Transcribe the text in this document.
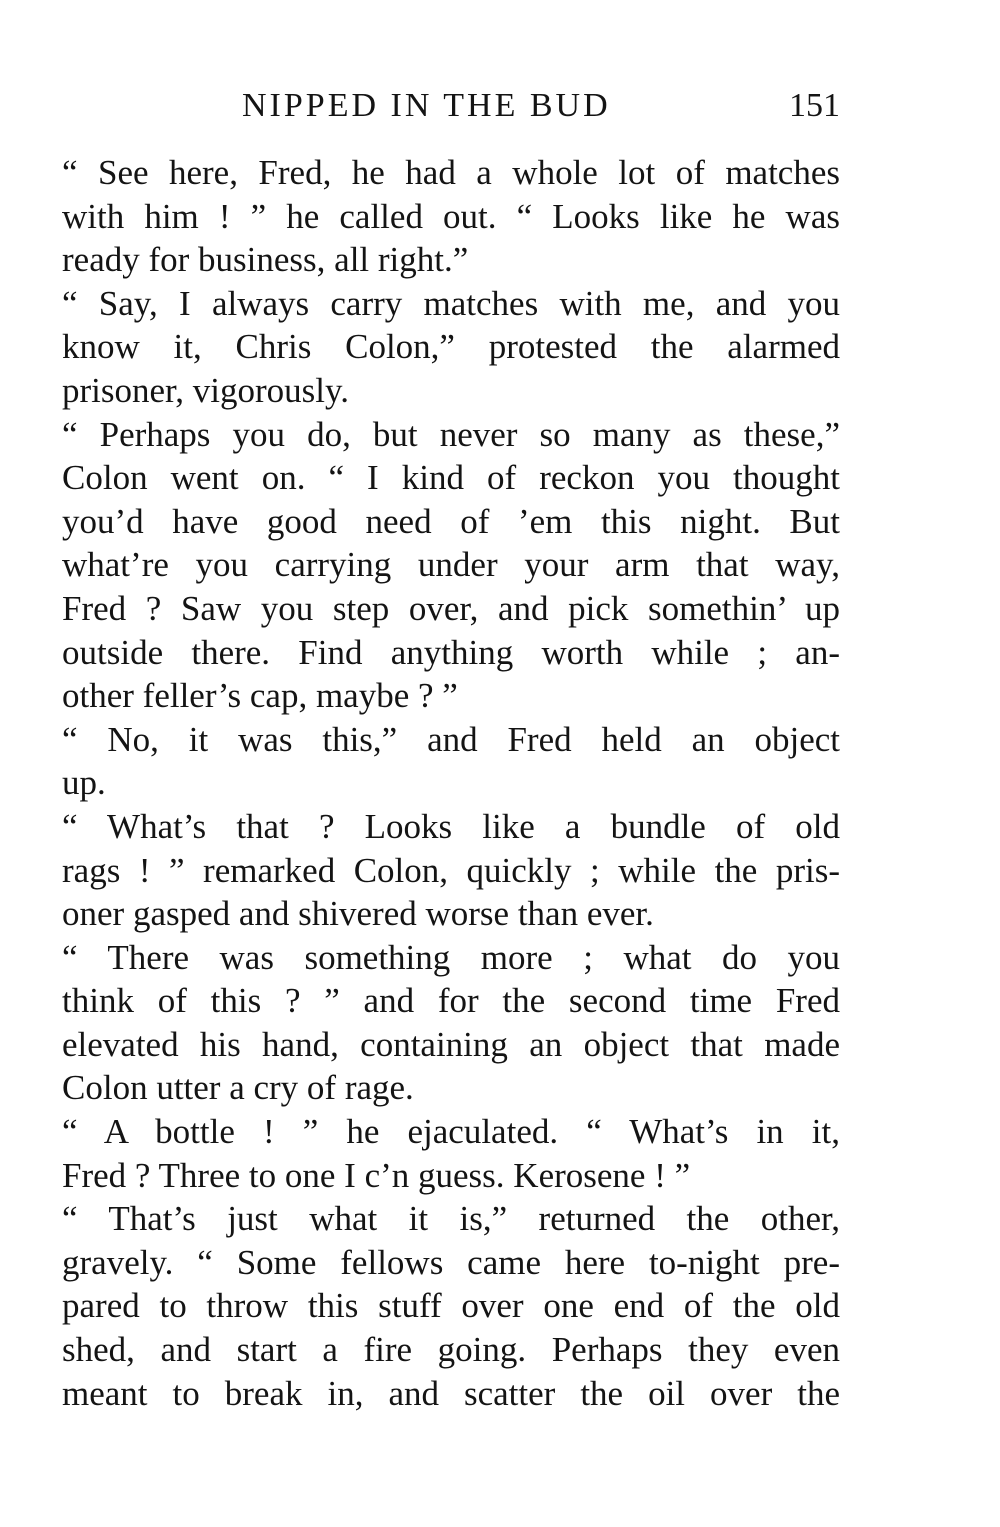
NIPPED IN THE BUD	151
“ See here, Fred, he had a whole lot of matches
with him ! ” he called out. “ Looks like he was
ready for business, all right.”
“ Say, I always carry matches with me, and you
know it, Chris Colon,” protested the alarmed
prisoner, vigorously.
“ Perhaps you do, but never so many as these,”
Colon went on. “ I kind of reckon you thought
you’d have good need of ’em this night. But
what’re you carrying under your arm that way,
Fred ? Saw you step over, and pick somethin’ up
outside there. Find anything worth while ; an-
other feller’s cap, maybe ? ”
“ No, it was this,” and Fred held an object
up.
“ What’s that ? Looks like a bundle of old
rags ! ” remarked Colon, quickly ; while the pris-
oner gasped and shivered worse than ever.
“ There was something more ; what do you
think of this ? ” and for the second time Fred
elevated his hand, containing an object that made
Colon utter a cry of rage.
“ A bottle ! ” he ejaculated. “ What’s in it,
Fred ? Three to one I c’n guess. Kerosene ! ”
“ That’s just what it is,” returned the other,
gravely. “ Some fellows came here to-night pre-
pared to throw this stuff over one end of the old
shed, and start a fire going. Perhaps they even
meant to break in, and scatter the oil over the
